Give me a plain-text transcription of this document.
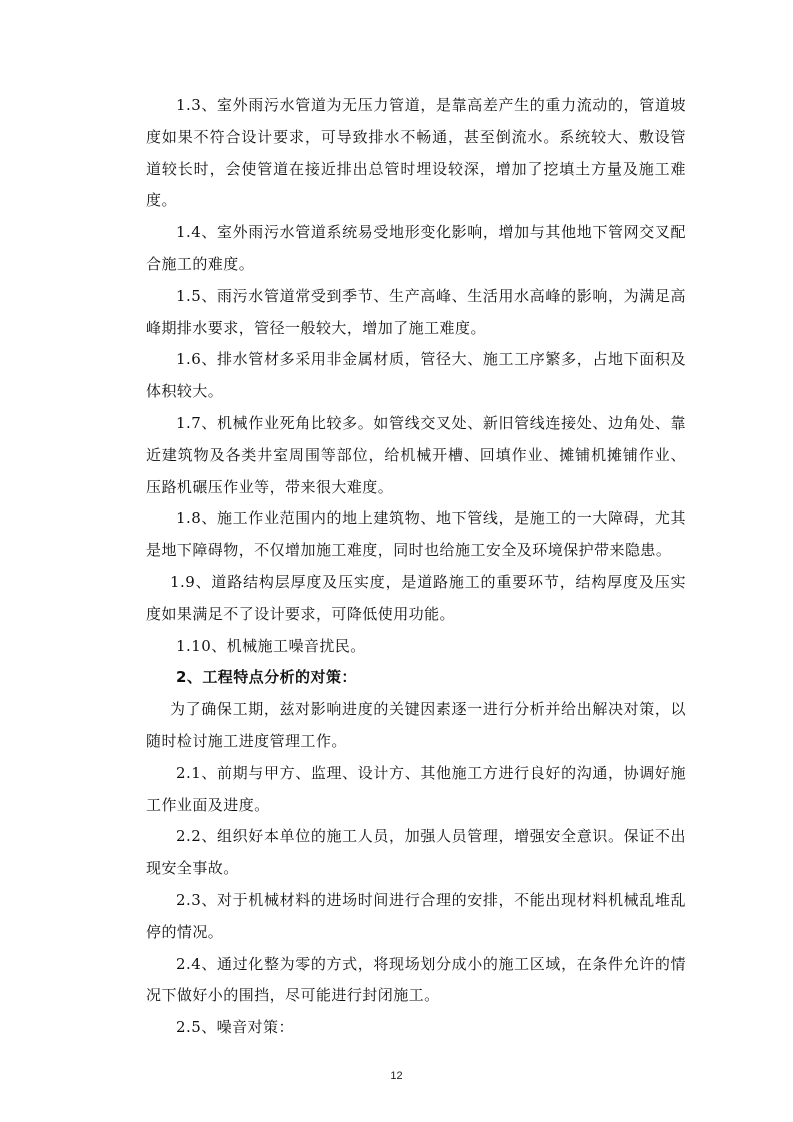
1.3、室外雨污水管道为无压力管道，是靠高差产生的重力流动的，管道坡度如果不符合设计要求，可导致排水不畅通，甚至倒流水。系统较大、敷设管道较长时，会使管道在接近排出总管时埋设较深，增加了挖填土方量及施工难度。

1.4、室外雨污水管道系统易受地形变化影响，增加与其他地下管网交叉配合施工的难度。

1.5、雨污水管道常受到季节、生产高峰、生活用水高峰的影响，为满足高峰期排水要求，管径一般较大，增加了施工难度。

1.6、排水管材多采用非金属材质，管径大、施工工序繁多，占地下面积及体积较大。

1.7、机械作业死角比较多。如管线交叉处、新旧管线连接处、边角处、靠近建筑物及各类井室周围等部位，给机械开槽、回填作业、摊铺机摊铺作业、压路机碾压作业等，带来很大难度。

1.8、施工作业范围内的地上建筑物、地下管线，是施工的一大障碍，尤其是地下障碍物，不仅增加施工难度，同时也给施工安全及环境保护带来隐患。

1.9、道路结构层厚度及压实度，是道路施工的重要环节，结构厚度及压实度如果满足不了设计要求，可降低使用功能。

1.10、机械施工噪音扰民。

2、工程特点分析的对策：

为了确保工期，兹对影响进度的关键因素逐一进行分析并给出解决对策，以随时检讨施工进度管理工作。

2.1、前期与甲方、监理、设计方、其他施工方进行良好的沟通，协调好施工作业面及进度。

2.2、组织好本单位的施工人员，加强人员管理，增强安全意识。保证不出现安全事故。

2.3、对于机械材料的进场时间进行合理的安排，不能出现材料机械乱堆乱停的情况。

2.4、通过化整为零的方式，将现场划分成小的施工区域，在条件允许的情况下做好小的围挡，尽可能进行封闭施工。

2.5、噪音对策：

12
